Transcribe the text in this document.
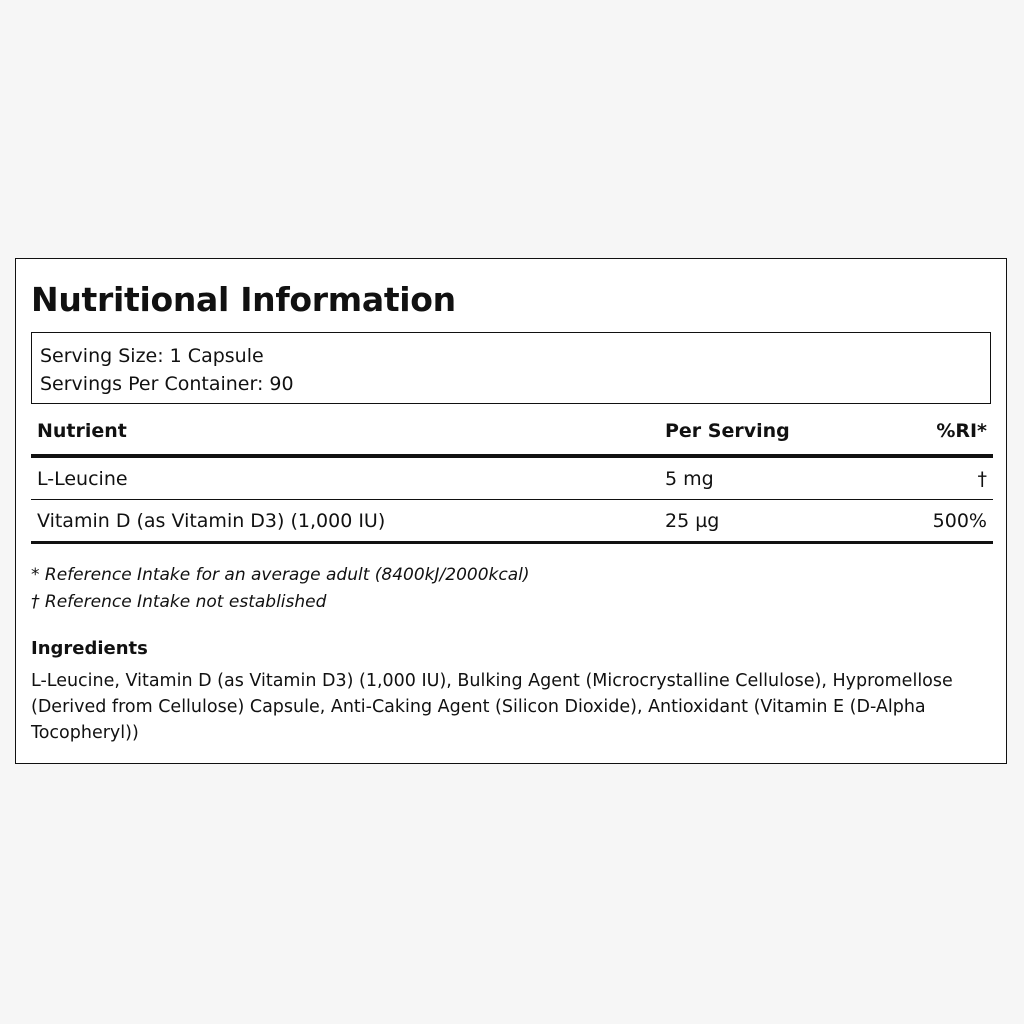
Nutritional Information
Serving Size: 1 Capsule
Servings Per Container: 90
Nutrient	Per Serving	%RI*
L-Leucine	5 mg	†
Vitamin D (as Vitamin D3) (1,000 IU)	25 µg	500%
* Reference Intake for an average adult (8400kJ/2000kcal)
† Reference Intake not established
Ingredients

L-Leucine, Vitamin D (as Vitamin D3) (1,000 IU), Bulking Agent (Microcrystalline Cellulose), Hypromellose (Derived from Cellulose) Capsule, Anti-Caking Agent (Silicon Dioxide), Antioxidant (Vitamin E (D-Alpha Tocopheryl))
